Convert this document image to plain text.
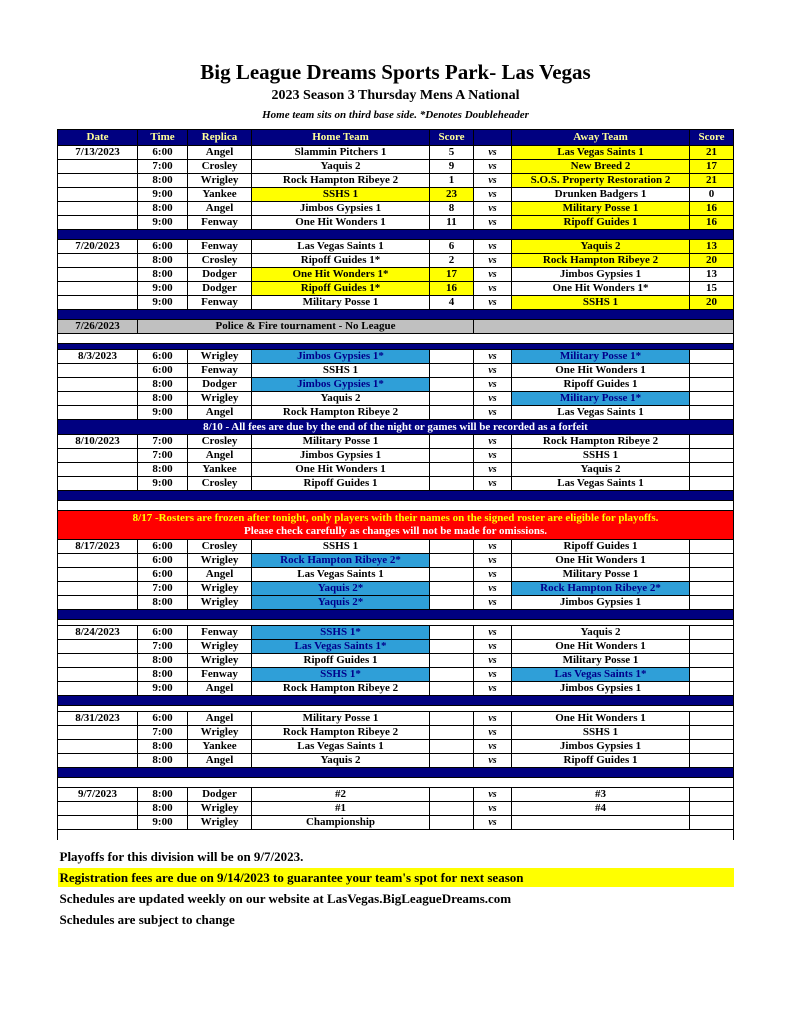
Big League Dreams Sports Park- Las Vegas
2023 Season 3 Thursday Mens A National
Home team sits on third base side. *Denotes Doubleheader
Date	Time	Replica	Home Team	Score		Away Team	Score
7/13/2023	6:00	Angel	Slammin Pitchers 1	5	vs	Las Vegas Saints 1	21
	7:00	Crosley	Yaquis 2	9	vs	New Breed 2	17
	8:00	Wrigley	Rock Hampton Ribeye 2	1	vs	S.O.S. Property Restoration 2	21
	9:00	Yankee	SSHS 1	23	vs	Drunken Badgers 1	0
	8:00	Angel	Jimbos Gypsies 1	8	vs	Military Posse 1	16
	9:00	Fenway	One Hit Wonders 1	11	vs	Ripoff Guides 1	16

7/20/2023	6:00	Fenway	Las Vegas Saints 1	6	vs	Yaquis 2	13
	8:00	Crosley	Ripoff Guides 1*	2	vs	Rock Hampton Ribeye 2	20
	8:00	Dodger	One Hit Wonders 1*	17	vs	Jimbos Gypsies 1	13
	9:00	Dodger	Ripoff Guides 1*	16	vs	One Hit Wonders 1*	15
	9:00	Fenway	Military Posse 1	4	vs	SSHS 1	20

7/26/2023	Police & Fire tournament - No League						

8/3/2023	6:00	Wrigley	Jimbos Gypsies 1*		vs	Military Posse 1*	
	6:00	Fenway	SSHS 1		vs	One Hit Wonders 1	
	8:00	Dodger	Jimbos Gypsies 1*		vs	Ripoff Guides 1	
	8:00	Wrigley	Yaquis 2		vs	Military Posse 1*	
	9:00	Angel	Rock Hampton Ribeye 2		vs	Las Vegas Saints 1	
8/10 - All fees are due by the end of the night or games will be recorded as a forfeit							
8/10/2023	7:00	Crosley	Military Posse 1		vs	Rock Hampton Ribeye 2	
	7:00	Angel	Jimbos Gypsies 1		vs	SSHS 1	
	8:00	Yankee	One Hit Wonders 1		vs	Yaquis 2	
	9:00	Crosley	Ripoff Guides 1		vs	Las Vegas Saints 1	

8/17 -Rosters are frozen after tonight, only players with their names on the signed roster are eligible for playoffs.
Please check carefully as changes will not be made for omissions.							

8/17/2023	6:00	Crosley	SSHS 1		vs	Ripoff Guides 1	
	6:00	Wrigley	Rock Hampton Ribeye 2*		vs	One Hit Wonders 1	
	6:00	Angel	Las Vegas Saints 1		vs	Military Posse 1	
	7:00	Wrigley	Yaquis 2*		vs	Rock Hampton Ribeye 2*	
	8:00	Wrigley	Yaquis 2*		vs	Jimbos Gypsies 1	

8/24/2023	6:00	Fenway	SSHS 1*		vs	Yaquis 2	
	7:00	Wrigley	Las Vegas Saints 1*		vs	One Hit Wonders 1	
	8:00	Wrigley	Ripoff Guides 1		vs	Military Posse 1	
	8:00	Fenway	SSHS 1*		vs	Las Vegas Saints 1*	
	9:00	Angel	Rock Hampton Ribeye 2		vs	Jimbos Gypsies 1	

8/31/2023	6:00	Angel	Military Posse 1		vs	One Hit Wonders 1	
	7:00	Wrigley	Rock Hampton Ribeye 2		vs	SSHS 1	
	8:00	Yankee	Las Vegas Saints 1		vs	Jimbos Gypsies 1	
	8:00	Angel	Yaquis 2		vs	Ripoff Guides 1	

9/7/2023	8:00	Dodger	#2		vs	#3	
	8:00	Wrigley	#1		vs	#4	
	9:00	Wrigley	Championship		vs		

Playoffs for this division will be on 9/7/2023.
Registration fees are due on 9/14/2023 to guarantee your team's spot for next season
Schedules are updated weekly on our website at LasVegas.BigLeagueDreams.com
Schedules are subject to change
